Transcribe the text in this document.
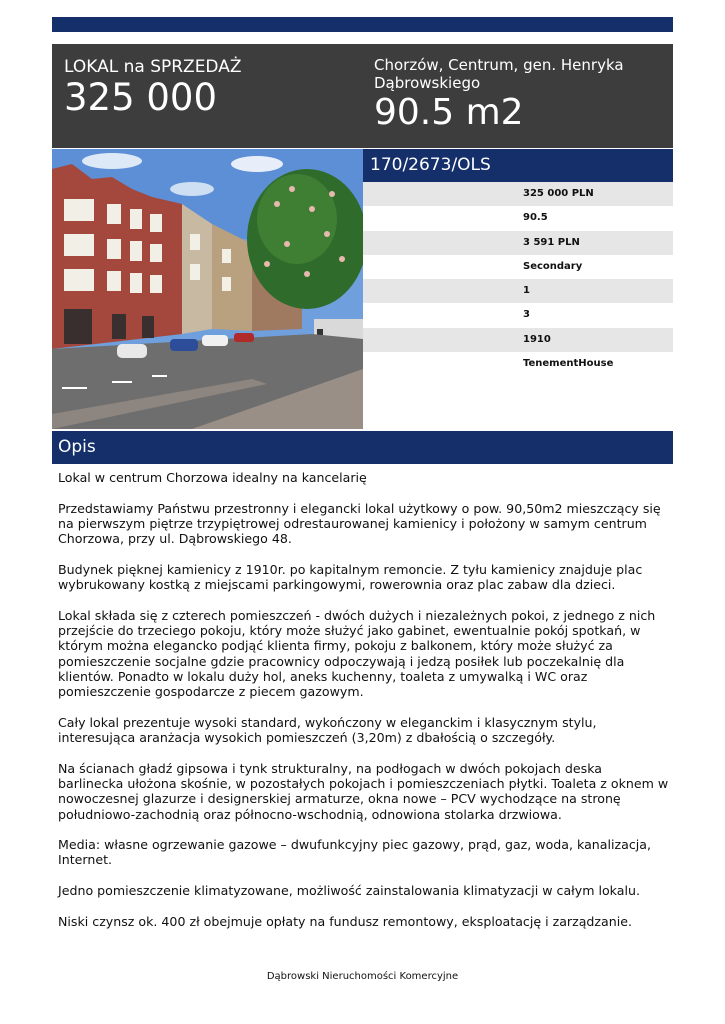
LOKAL na SPRZEDAŻ
325 000
Chorzów, Centrum, gen. Henryka Dąbrowskiego
90.5 m2
170/2673/OLS
325 000 PLN
90.5
3 591 PLN
Secondary
1
3
1910
TenementHouse
Opis

Lokal w centrum Chorzowa idealny na kancelarię

Przedstawiamy Państwu przestronny i elegancki lokal użytkowy o pow. 90,50m2 mieszczący się na pierwszym piętrze trzypiętrowej odrestaurowanej kamienicy i położony w samym centrum Chorzowa, przy ul. Dąbrowskiego 48.

Budynek pięknej kamienicy z 1910r. po kapitalnym remoncie. Z tyłu kamienicy znajduje plac wybrukowany kostką z miejscami parkingowymi, rowerownia oraz plac zabaw dla dzieci.

Lokal składa się z czterech pomieszczeń - dwóch dużych i niezależnych pokoi, z jednego z nich przejście do trzeciego pokoju, który może służyć jako gabinet, ewentualnie pokój spotkań, w którym można elegancko podjąć klienta firmy, pokoju z balkonem, który może służyć za pomieszczenie socjalne gdzie pracownicy odpoczywają i jedzą posiłek lub poczekalnię dla klientów. Ponadto w lokalu duży hol, aneks kuchenny, toaleta z umywalką i WC oraz pomieszczenie gospodarcze z piecem gazowym.

Cały lokal prezentuje wysoki standard, wykończony w eleganckim i klasycznym stylu, interesująca aranżacja wysokich pomieszczeń (3,20m) z dbałością o szczegóły.

Na ścianach gładź gipsowa i tynk strukturalny, na podłogach w dwóch pokojach deska barlinecka ułożona skośnie, w pozostałych pokojach i pomieszczeniach płytki. Toaleta z oknem w nowoczesnej glazurze i designerskiej armaturze, okna nowe – PCV wychodzące na stronę południowo-zachodnią oraz północno-wschodnią, odnowiona stolarka drzwiowa.

Media: własne ogrzewanie gazowe – dwufunkcyjny piec gazowy, prąd, gaz, woda, kanalizacja, Internet.

Jedno pomieszczenie klimatyzowane, możliwość zainstalowania klimatyzacji w całym lokalu.

Niski czynsz ok. 400 zł obejmuje opłaty na fundusz remontowy, eksploatację i zarządzanie.

Dąbrowski Nieruchomości Komercyjne
